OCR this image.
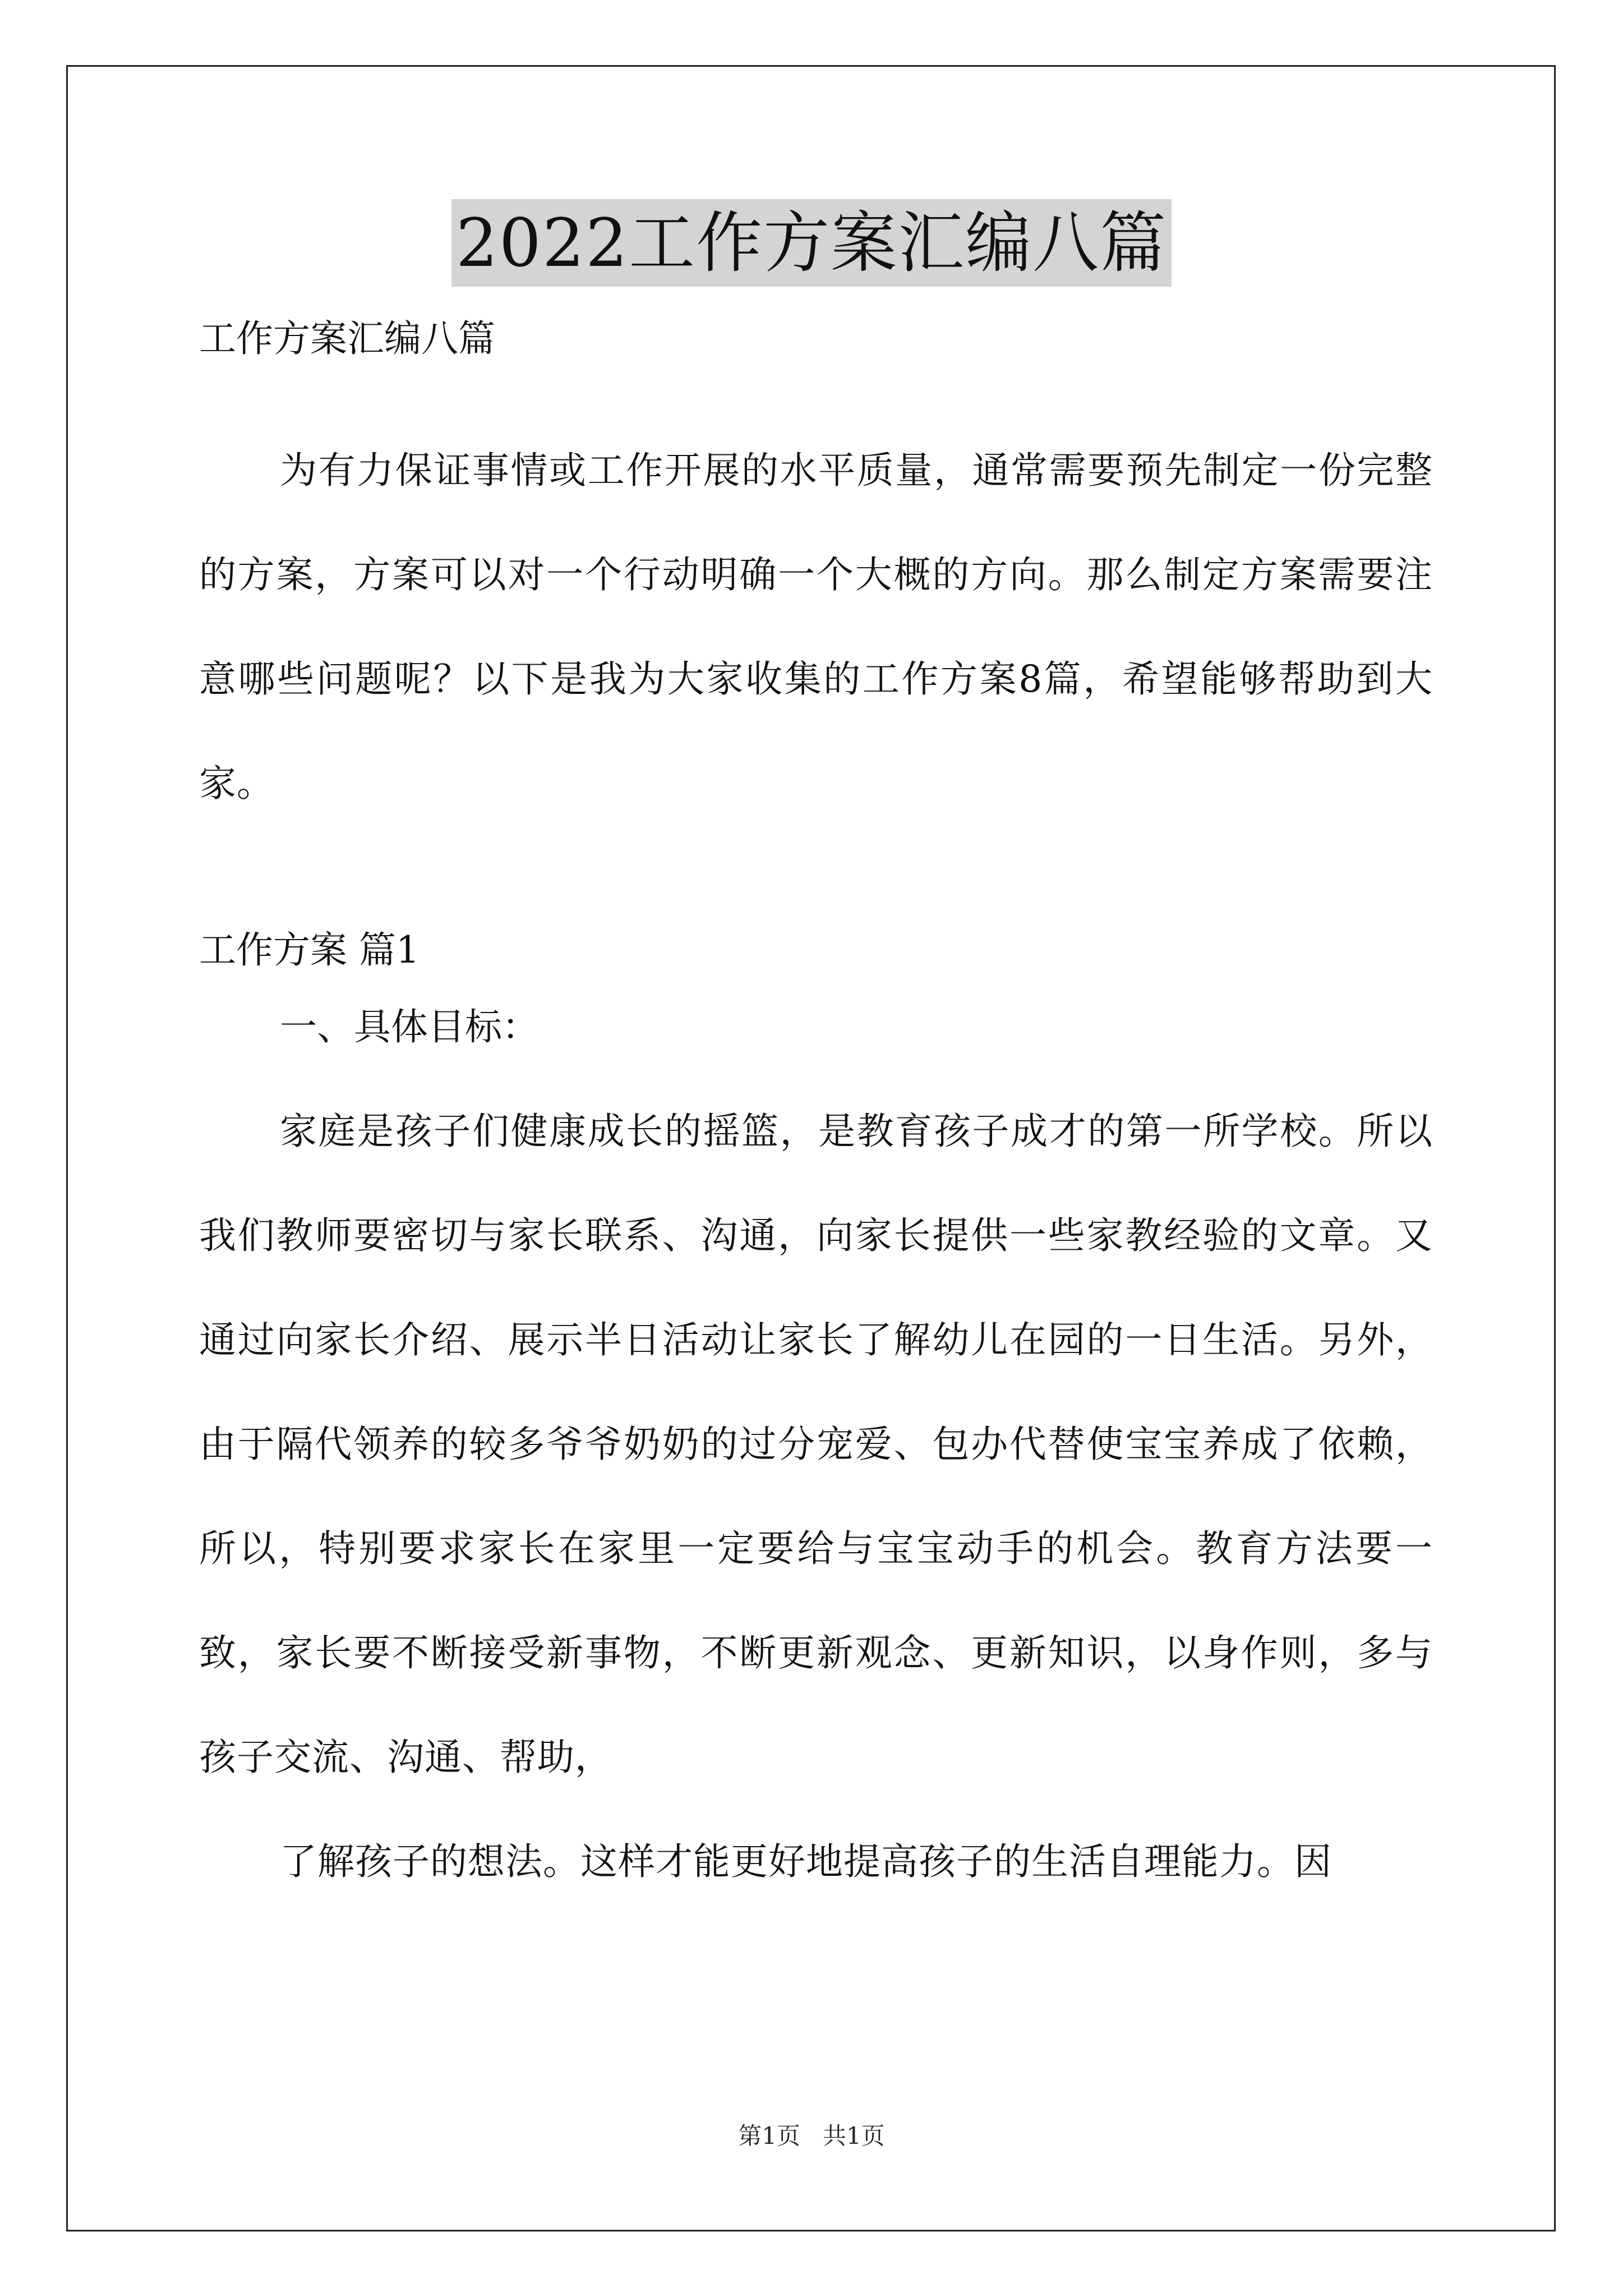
2022工作方案汇编八篇

工作方案汇编八篇

为有力保证事情或工作开展的水平质量，通常需要预先制定一份完整的方案，方案可以对一个行动明确一个大概的方向。那么制定方案需要注意哪些问题呢？以下是我为大家收集的工作方案8篇，希望能够帮助到大家。

工作方案 篇1

一、具体目标：

家庭是孩子们健康成长的摇篮，是教育孩子成才的第一所学校。所以我们教师要密切与家长联系、沟通，向家长提供一些家教经验的文章。又通过向家长介绍、展示半日活动让家长了解幼儿在园的一日生活。另外，由于隔代领养的较多爷爷奶奶的过分宠爱、包办代替使宝宝养成了依赖，所以，特别要求家长在家里一定要给与宝宝动手的机会。教育方法要一致，家长要不断接受新事物，不断更新观念、更新知识，以身作则，多与孩子交流、沟通、帮助，

了解孩子的想法。这样才能更好地提高孩子的生活自理能力。因

第1页 共1页
